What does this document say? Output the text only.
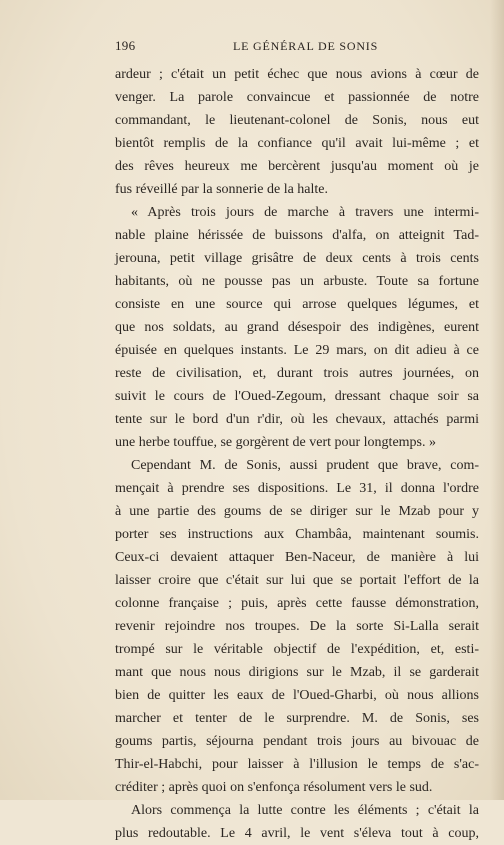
196	LE GÉNÉRAL DE SONIS
ardeur ; c'était un petit échec que nous avions à cœur de
venger. La parole convaincue et passionnée de notre
commandant, le lieutenant-colonel de Sonis, nous eut
bientôt remplis de la confiance qu'il avait lui-même ; et
des rêves heureux me bercèrent jusqu'au moment où je
fus réveillé par la sonnerie de la halte.
« Après trois jours de marche à travers une intermi-
nable plaine hérissée de buissons d'alfa, on atteignit Tad-
jerouna, petit village grisâtre de deux cents à trois cents
habitants, où ne pousse pas un arbuste. Toute sa fortune
consiste en une source qui arrose quelques légumes, et
que nos soldats, au grand désespoir des indigènes, eurent
épuisée en quelques instants. Le 29 mars, on dit adieu à ce
reste de civilisation, et, durant trois autres journées, on
suivit le cours de l'Oued-Zegoum, dressant chaque soir sa
tente sur le bord d'un r'dir, où les chevaux, attachés parmi
une herbe touffue, se gorgèrent de vert pour longtemps. »
Cependant M. de Sonis, aussi prudent que brave, com-
mençait à prendre ses dispositions. Le 31, il donna l'ordre
à une partie des goums de se diriger sur le Mzab pour y
porter ses instructions aux Chambâa, maintenant soumis.
Ceux-ci devaient attaquer Ben-Naceur, de manière à lui
laisser croire que c'était sur lui que se portait l'effort de la
colonne française ; puis, après cette fausse démonstration,
revenir rejoindre nos troupes. De la sorte Si-Lalla serait
trompé sur le véritable objectif de l'expédition, et, esti-
mant que nous nous dirigions sur le Mzab, il se garderait
bien de quitter les eaux de l'Oued-Gharbi, où nous allions
marcher et tenter de le surprendre. M. de Sonis, ses
goums partis, séjourna pendant trois jours au bivouac de
Thir-el-Habchi, pour laisser à l'illusion le temps de s'ac-
créditer ; après quoi on s'enfonça résolument vers le sud.
Alors commença la lutte contre les éléments ; c'était la
plus redoutable. Le 4 avril, le vent s'éleva tout à coup,
